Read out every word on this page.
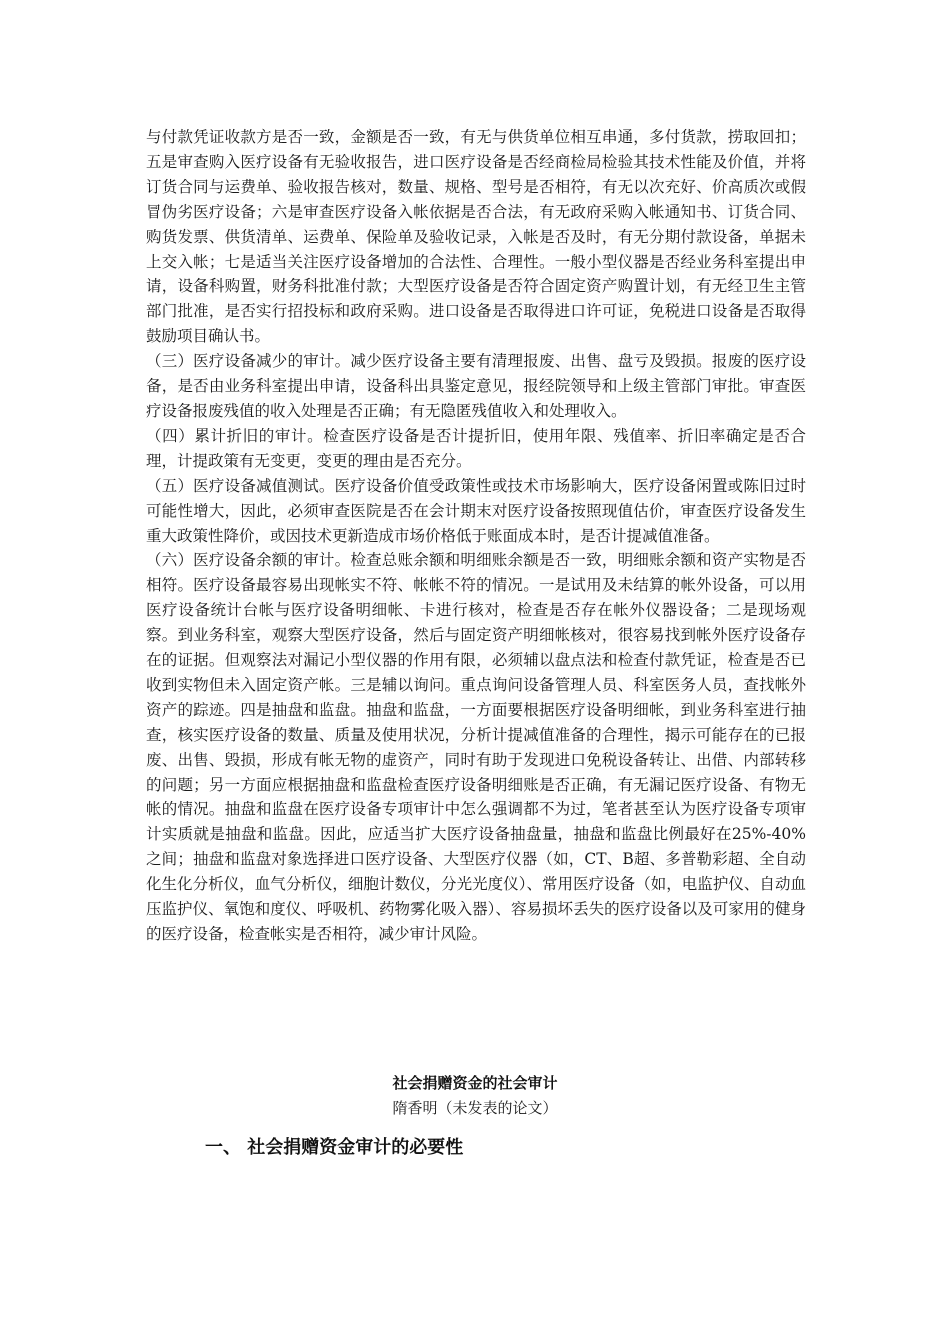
与付款凭证收款方是否一致，金额是否一致，有无与供货单位相互串通，多付货款，捞取回扣；五是审查购入医疗设备有无验收报告，进口医疗设备是否经商检局检验其技术性能及价值，并将订货合同与运费单、验收报告核对，数量、规格、型号是否相符，有无以次充好、价高质次或假冒伪劣医疗设备；六是审查医疗设备入帐依据是否合法，有无政府采购入帐通知书、订货合同、购货发票、供货清单、运费单、保险单及验收记录，入帐是否及时，有无分期付款设备，单据未上交入帐；七是适当关注医疗设备增加的合法性、合理性。一般小型仪器是否经业务科室提出申请，设备科购置，财务科批准付款；大型医疗设备是否符合固定资产购置计划，有无经卫生主管部门批准，是否实行招投标和政府采购。进口设备是否取得进口许可证，免税进口设备是否取得鼓励项目确认书。

（三）医疗设备减少的审计。减少医疗设备主要有清理报废、出售、盘亏及毁损。报废的医疗设备，是否由业务科室提出申请，设备科出具鉴定意见，报经院领导和上级主管部门审批。审查医疗设备报废残值的收入处理是否正确；有无隐匿残值收入和处理收入。

（四）累计折旧的审计。检查医疗设备是否计提折旧，使用年限、残值率、折旧率确定是否合理，计提政策有无变更，变更的理由是否充分。

（五）医疗设备减值测试。医疗设备价值受政策性或技术市场影响大，医疗设备闲置或陈旧过时可能性增大，因此，必须审查医院是否在会计期末对医疗设备按照现值估价，审查医疗设备发生重大政策性降价，或因技术更新造成市场价格低于账面成本时，是否计提减值准备。

（六）医疗设备余额的审计。检查总账余额和明细账余额是否一致，明细账余额和资产实物是否相符。医疗设备最容易出现帐实不符、帐帐不符的情况。一是试用及未结算的帐外设备，可以用医疗设备统计台帐与医疗设备明细帐、卡进行核对，检查是否存在帐外仪器设备；二是现场观察。到业务科室，观察大型医疗设备，然后与固定资产明细帐核对，很容易找到帐外医疗设备存在的证据。但观察法对漏记小型仪器的作用有限，必须辅以盘点法和检查付款凭证，检查是否已收到实物但未入固定资产帐。三是辅以询问。重点询问设备管理人员、科室医务人员，查找帐外资产的踪迹。四是抽盘和监盘。抽盘和监盘，一方面要根据医疗设备明细帐，到业务科室进行抽查，核实医疗设备的数量、质量及使用状况，分析计提减值准备的合理性，揭示可能存在的已报废、出售、毁损，形成有帐无物的虚资产，同时有助于发现进口免税设备转让、出借、内部转移的问题；另一方面应根据抽盘和监盘检查医疗设备明细账是否正确，有无漏记医疗设备、有物无帐的情况。抽盘和监盘在医疗设备专项审计中怎么强调都不为过，笔者甚至认为医疗设备专项审计实质就是抽盘和监盘。因此，应适当扩大医疗设备抽盘量，抽盘和监盘比例最好在25%-40%之间；抽盘和监盘对象选择进口医疗设备、大型医疗仪器（如，CT、B超、多普勒彩超、全自动化生化分析仪，血气分析仪，细胞计数仪，分光光度仪）、常用医疗设备（如，电监护仪、自动血压监护仪、氧饱和度仪、呼吸机、药物雾化吸入器）、容易损坏丢失的医疗设备以及可家用的健身的医疗设备，检查帐实是否相符，减少审计风险。

社会捐赠资金的社会审计
隋香明（未发表的论文）
一、 社会捐赠资金审计的必要性
